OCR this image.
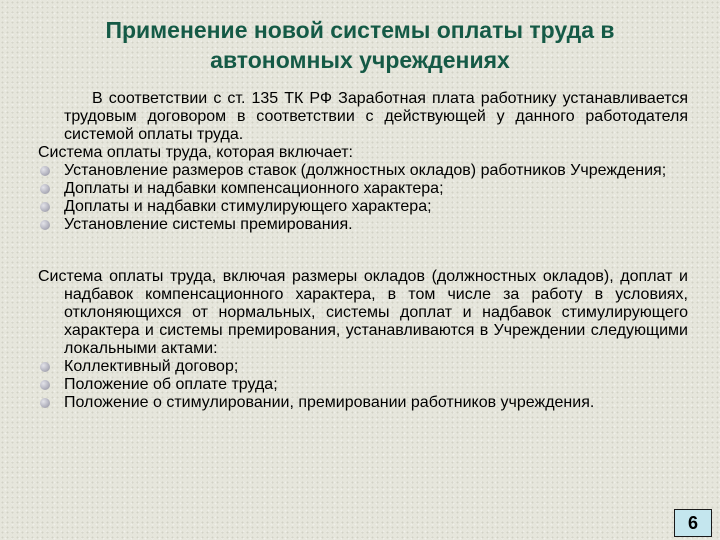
Применение новой системы оплаты труда в
автономных учреждениях

В соответствии с ст. 135 ТК РФ Заработная плата работнику устанавливается трудовым договором в соответствии с действующей у данного работодателя системой оплаты труда.

Система оплаты труда, которая включает:

Установление размеров ставок (должностных окладов) работников Учреждения;
Доплаты и надбавки компенсационного характера;
Доплаты и надбавки стимулирующего характера;
Установление системы премирования.

Система оплаты труда, включая размеры окладов (должностных окладов), доплат и надбавок компенсационного характера, в том числе за работу в условиях, отклоняющихся от нормальных, системы доплат и надбавок стимулирующего характера и системы премирования, устанавливаются в Учреждении следующими локальными актами:

Коллективный договор;
Положение об оплате труда;
Положение о стимулировании, премировании работников учреждения.
6
